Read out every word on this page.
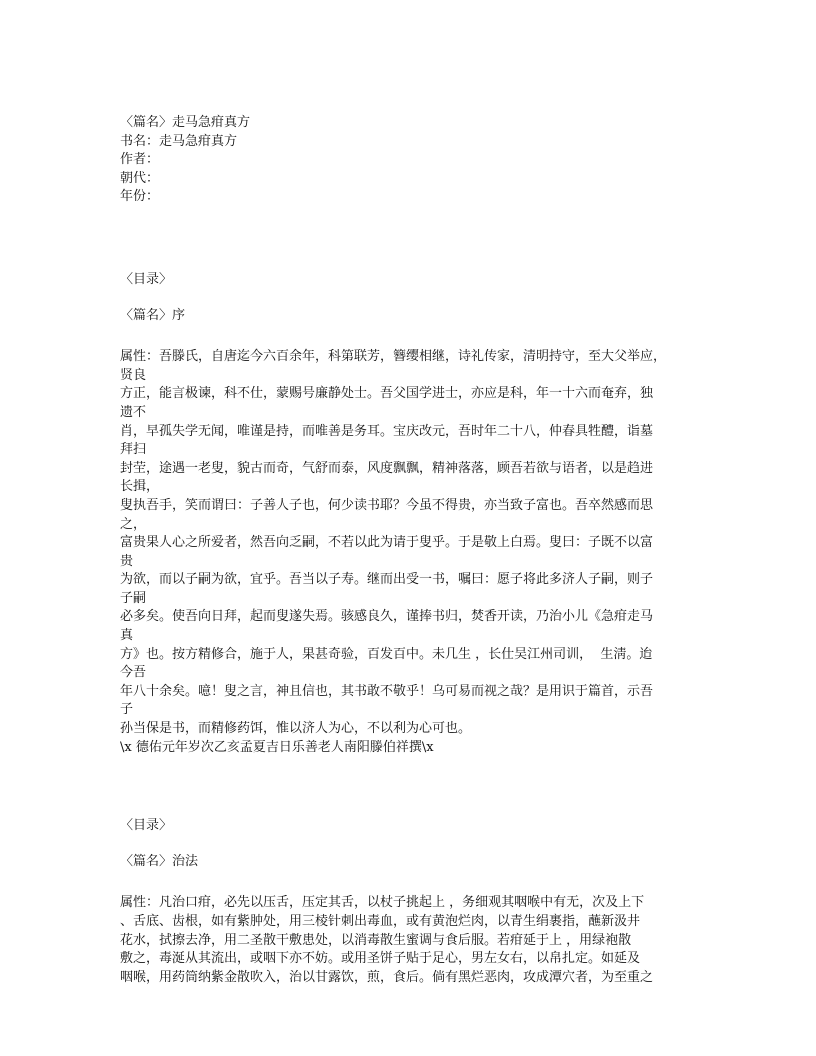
〈篇名〉走马急疳真方
书名：走马急疳真方
作者：
朝代：
年份：
〈目录〉
〈篇名〉序
属性：吾滕氏，自唐迄今六百余年，科第联芳，簪缨相继，诗礼传家，清明持守，至大父举应，
贤良
方正，能言极谏，科不仕，蒙赐号廉静处士。吾父国学进士，亦应是科，年一十六而奄弃，独
遗不
肖，早孤失学无闻，唯谨是持，而唯善是务耳。宝庆改元，吾时年二十八，仲春具牲醴，诣墓
拜扫
封茔，途遇一老叟，貌古而奇，气舒而泰，风度飘飘，精神落落，顾吾若欲与语者，以是趋进
长揖，
叟执吾手，笑而谓曰：子善人子也，何少读书耶？今虽不得贵，亦当致子富也。吾卒然感而思
之，
富贵果人心之所爱者，然吾向乏嗣，不若以此为请于叟乎。于是敬上白焉。叟曰：子既不以富
贵
为欲，而以子嗣为欲，宜乎。吾当以子寿。继而出受一书，嘱曰：愿子将此多济人子嗣，则子
子嗣
必多矣。使吾向日拜，起而叟遂失焉。骇感良久，谨捧书归，焚香开读，乃治小儿《急疳走马
真
方》也。按方精修合，施于人，果甚奇验，百发百中。未几生 ，长仕吴江州司训，  生淸。迨
今吾
年八十余矣。噫！叟之言，神且信也，其书敢不敬乎！乌可易而视之哉？是用识于篇首，示吾
子
孙当保是书，而精修药饵，惟以济人为心，不以利为心可也。
\x 德佑元年岁次乙亥孟夏吉日乐善老人南阳滕伯祥撰\x
〈目录〉
〈篇名〉治法
属性：凡治口疳，必先以压舌，压定其舌，以杖子挑起上 ，务细观其咽喉中有无，次及上下
、舌底、齿根，如有紫肿处，用三棱针刺出毒血，或有黄泡烂肉，以青生绢裹指，蘸新汲井
花水，拭擦去净，用二圣散干敷患处，以消毒散生蜜调与食后服。若疳延于上 ，用绿袍散
敷之，毒涎从其流出，或咽下亦不妨。或用圣饼子贴于足心，男左女右，以帛扎定。如延及
咽喉，用药筒纳紫金散吹入，治以甘露饮，煎，食后。倘有黑烂恶肉，攻成潭穴者，为至重之
